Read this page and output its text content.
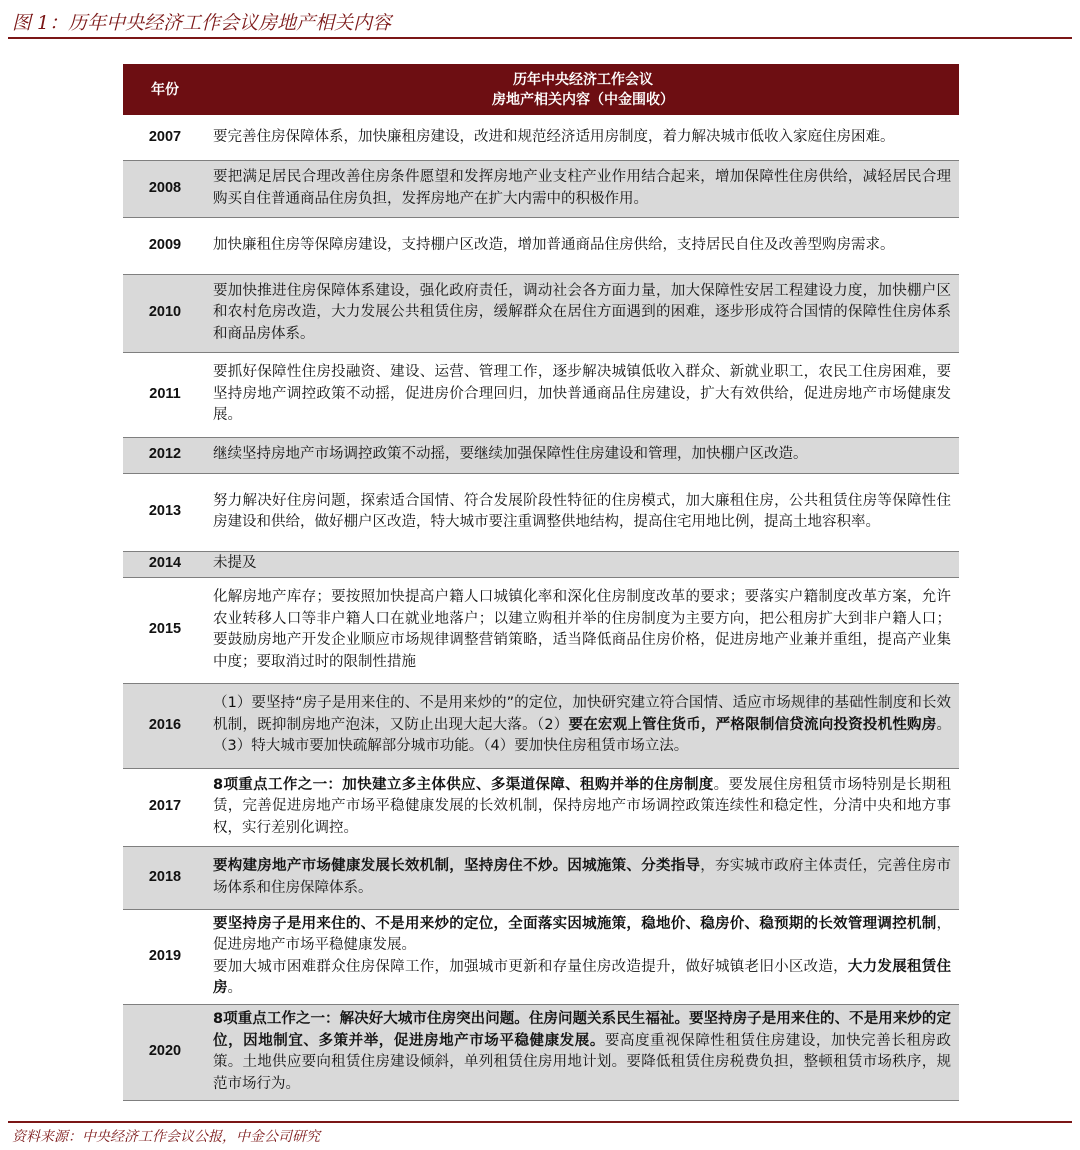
图 1：历年中央经济工作会议房地产相关内容
年份	历年中央经济工作会议
房地产相关内容（中金围收）

2007	要完善住房保障体系，加快廉租房建设，改进和规范经济适用房制度，着力解决城市低收入家庭住房困难。

2008	要把满足居民合理改善住房条件愿望和发挥房地产业支柱产业作用结合起来，增加保障性住房供给，减轻居民合理购买自住普通商品住房负担，发挥房地产在扩大内需中的积极作用。

2009	加快廉租住房等保障房建设，支持棚户区改造，增加普通商品住房供给，支持居民自住及改善型购房需求。

2010	要加快推进住房保障体系建设，强化政府责任，调动社会各方面力量，加大保障性安居工程建设力度，加快棚户区和农村危房改造，大力发展公共租赁住房，缓解群众在居住方面遇到的困难，逐步形成符合国情的保障性住房体系和商品房体系。

2011	要抓好保障性住房投融资、建设、运营、管理工作，逐步解决城镇低收入群众、新就业职工，农民工住房困难，要坚持房地产调控政策不动摇，促进房价合理回归，加快普通商品住房建设，扩大有效供给，促进房地产市场健康发展。

2012	继续坚持房地产市场调控政策不动摇，要继续加强保障性住房建设和管理，加快棚户区改造。

2013	努力解决好住房问题，探索适合国情、符合发展阶段性特征的住房模式，加大廉租住房，公共租赁住房等保障性住房建设和供给，做好棚户区改造，特大城市要注重调整供地结构，提高住宅用地比例，提高土地容积率。

2014	未提及

2015	化解房地产库存；要按照加快提高户籍人口城镇化率和深化住房制度改革的要求；要落实户籍制度改革方案，允许农业转移人口等非户籍人口在就业地落户；以建立购租并举的住房制度为主要方向，把公租房扩大到非户籍人口；要鼓励房地产开发企业顺应市场规律调整营销策略，适当降低商品住房价格，促进房地产业兼并重组，提高产业集中度；要取消过时的限制性措施

2016	（1）要坚持“房子是用来住的、不是用来炒的”的定位，加快研究建立符合国情、适应市场规律的基础性制度和长效机制，既抑制房地产泡沫，又防止出现大起大落。（2）要在宏观上管住货币，严格限制信贷流向投资投机性购房。（3）特大城市要加快疏解部分城市功能。（4）要加快住房租赁市场立法。

2017	8项重点工作之一：加快建立多主体供应、多渠道保障、租购并举的住房制度。要发展住房租赁市场特别是长期租赁，完善促进房地产市场平稳健康发展的长效机制，保持房地产市场调控政策连续性和稳定性，分清中央和地方事权，实行差别化调控。

2018	要构建房地产市场健康发展长效机制，坚持房住不炒。因城施策、分类指导，夯实城市政府主体责任，完善住房市场体系和住房保障体系。

2019	要坚持房子是用来住的、不是用来炒的定位，全面落实因城施策，稳地价、稳房价、稳预期的长效管理调控机制，促进房地产市场平稳健康发展。
要加大城市困难群众住房保障工作，加强城市更新和存量住房改造提升，做好城镇老旧小区改造，大力发展租赁住房。

2020	8项重点工作之一：解决好大城市住房突出问题。住房问题关系民生福祉。要坚持房子是用来住的、不是用来炒的定位，因地制宜、多策并举，促进房地产市场平稳健康发展。要高度重视保障性租赁住房建设，加快完善长租房政策。土地供应要向租赁住房建设倾斜，单列租赁住房用地计划。要降低租赁住房税费负担，整顿租赁市场秩序，规范市场行为。
资料来源：中央经济工作会议公报，中金公司研究
